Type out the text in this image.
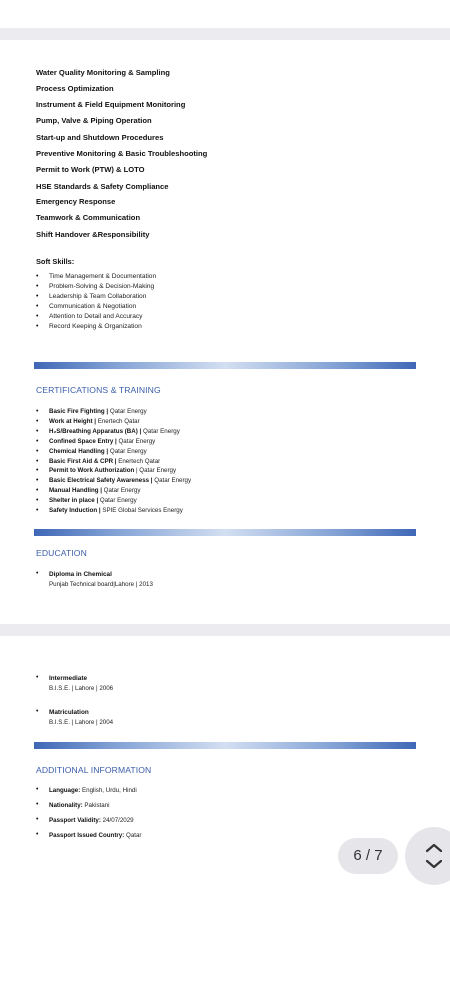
Water Quality Monitoring & Sampling
Process Optimization
Instrument & Field Equipment Monitoring
Pump, Valve & Piping Operation
Start-up and Shutdown Procedures
Preventive Monitoring & Basic Troubleshooting
Permit to Work (PTW) & LOTO
HSE Standards & Safety Compliance
Emergency Response
Teamwork & Communication
Shift Handover &Responsibility
Soft Skills:
• Time Management & Documentation
• Problem-Solving & Decision-Making
• Leadership & Team Collaboration
• Communication & Negotiation
• Attention to Detail and Accuracy
• Record Keeping & Organization
CERTIFICATIONS & TRAINING
• Basic Fire Fighting | Qatar Energy
• Work at Height | Enertech Qatar
• H₂S/Breathing Apparatus (BA) | Qatar Energy
• Confined Space Entry | Qatar Energy
• Chemical Handling | Qatar Energy
• Basic First Aid & CPR | Enertech Qatar
• Permit to Work Authorization | Qatar Energy
• Basic Electrical Safety Awareness | Qatar Energy
• Manual Handling | Qatar Energy
• Shelter in place | Qatar Energy
• Safety Induction | SPIE Global Services Energy
EDUCATION
• Diploma in Chemical
Punjab Technical board|Lahore | 2013
• Intermediate
B.I.S.E. | Lahore | 2006
• Matriculation
B.I.S.E. | Lahore | 2004
ADDITIONAL INFORMATION
• Language: English, Urdu, Hindi
• Nationality: Pakistani
• Passport Validity: 24/07/2029
• Passport Issued Country: Qatar
6 / 7
